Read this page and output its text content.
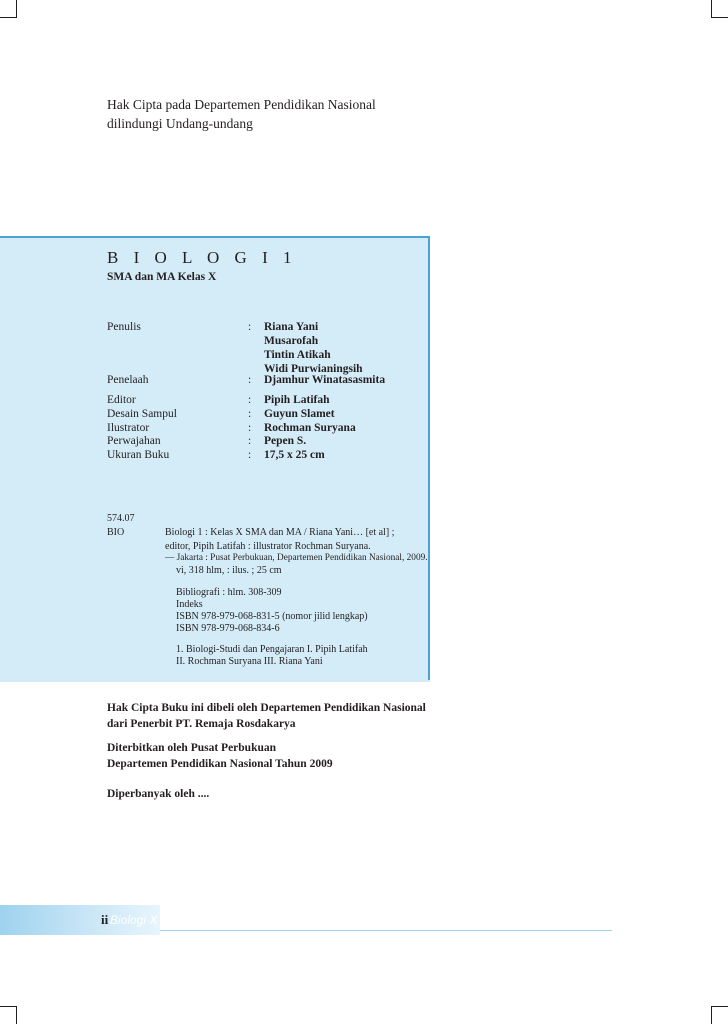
Hak Cipta pada Departemen Pendidikan Nasional
dilindungi Undang-undang
B I O L O G I 1
SMA dan MA Kelas X
Penulis	: Riana Yani
Musarofah
Tintin Atikah
Widi Purwianingsih
Penelaah	: Djamhur Winatasasmita
Editor	: Pipih Latifah
Desain Sampul	: Guyun Slamet
Ilustrator	: Rochman Suryana
Perwajahan	: Pepen S.
Ukuran Buku	: 17,5 x 25 cm
574.07
BIO	Biologi 1 : Kelas X SMA dan MA / Riana Yani… [et al] ;
editor, Pipih Latifah : illustrator Rochman Suryana.
— Jakarta : Pusat Perbukuan, Departemen Pendidikan Nasional, 2009.
vi, 318 hlm, : ilus. ; 25 cm
Bibliografi : hlm. 308-309
Indeks
ISBN 978-979-068-831-5 (nomor jilid lengkap)
ISBN 978-979-068-834-6
1. Biologi-Studi dan Pengajaran I. Pipih Latifah
II. Rochman Suryana III. Riana Yani
Hak Cipta Buku ini dibeli oleh Departemen Pendidikan Nasional
dari Penerbit PT. Remaja Rosdakarya
Diterbitkan oleh Pusat Perbukuan
Departemen Pendidikan Nasional Tahun 2009
Diperbanyak oleh ....
ii Biologi X
